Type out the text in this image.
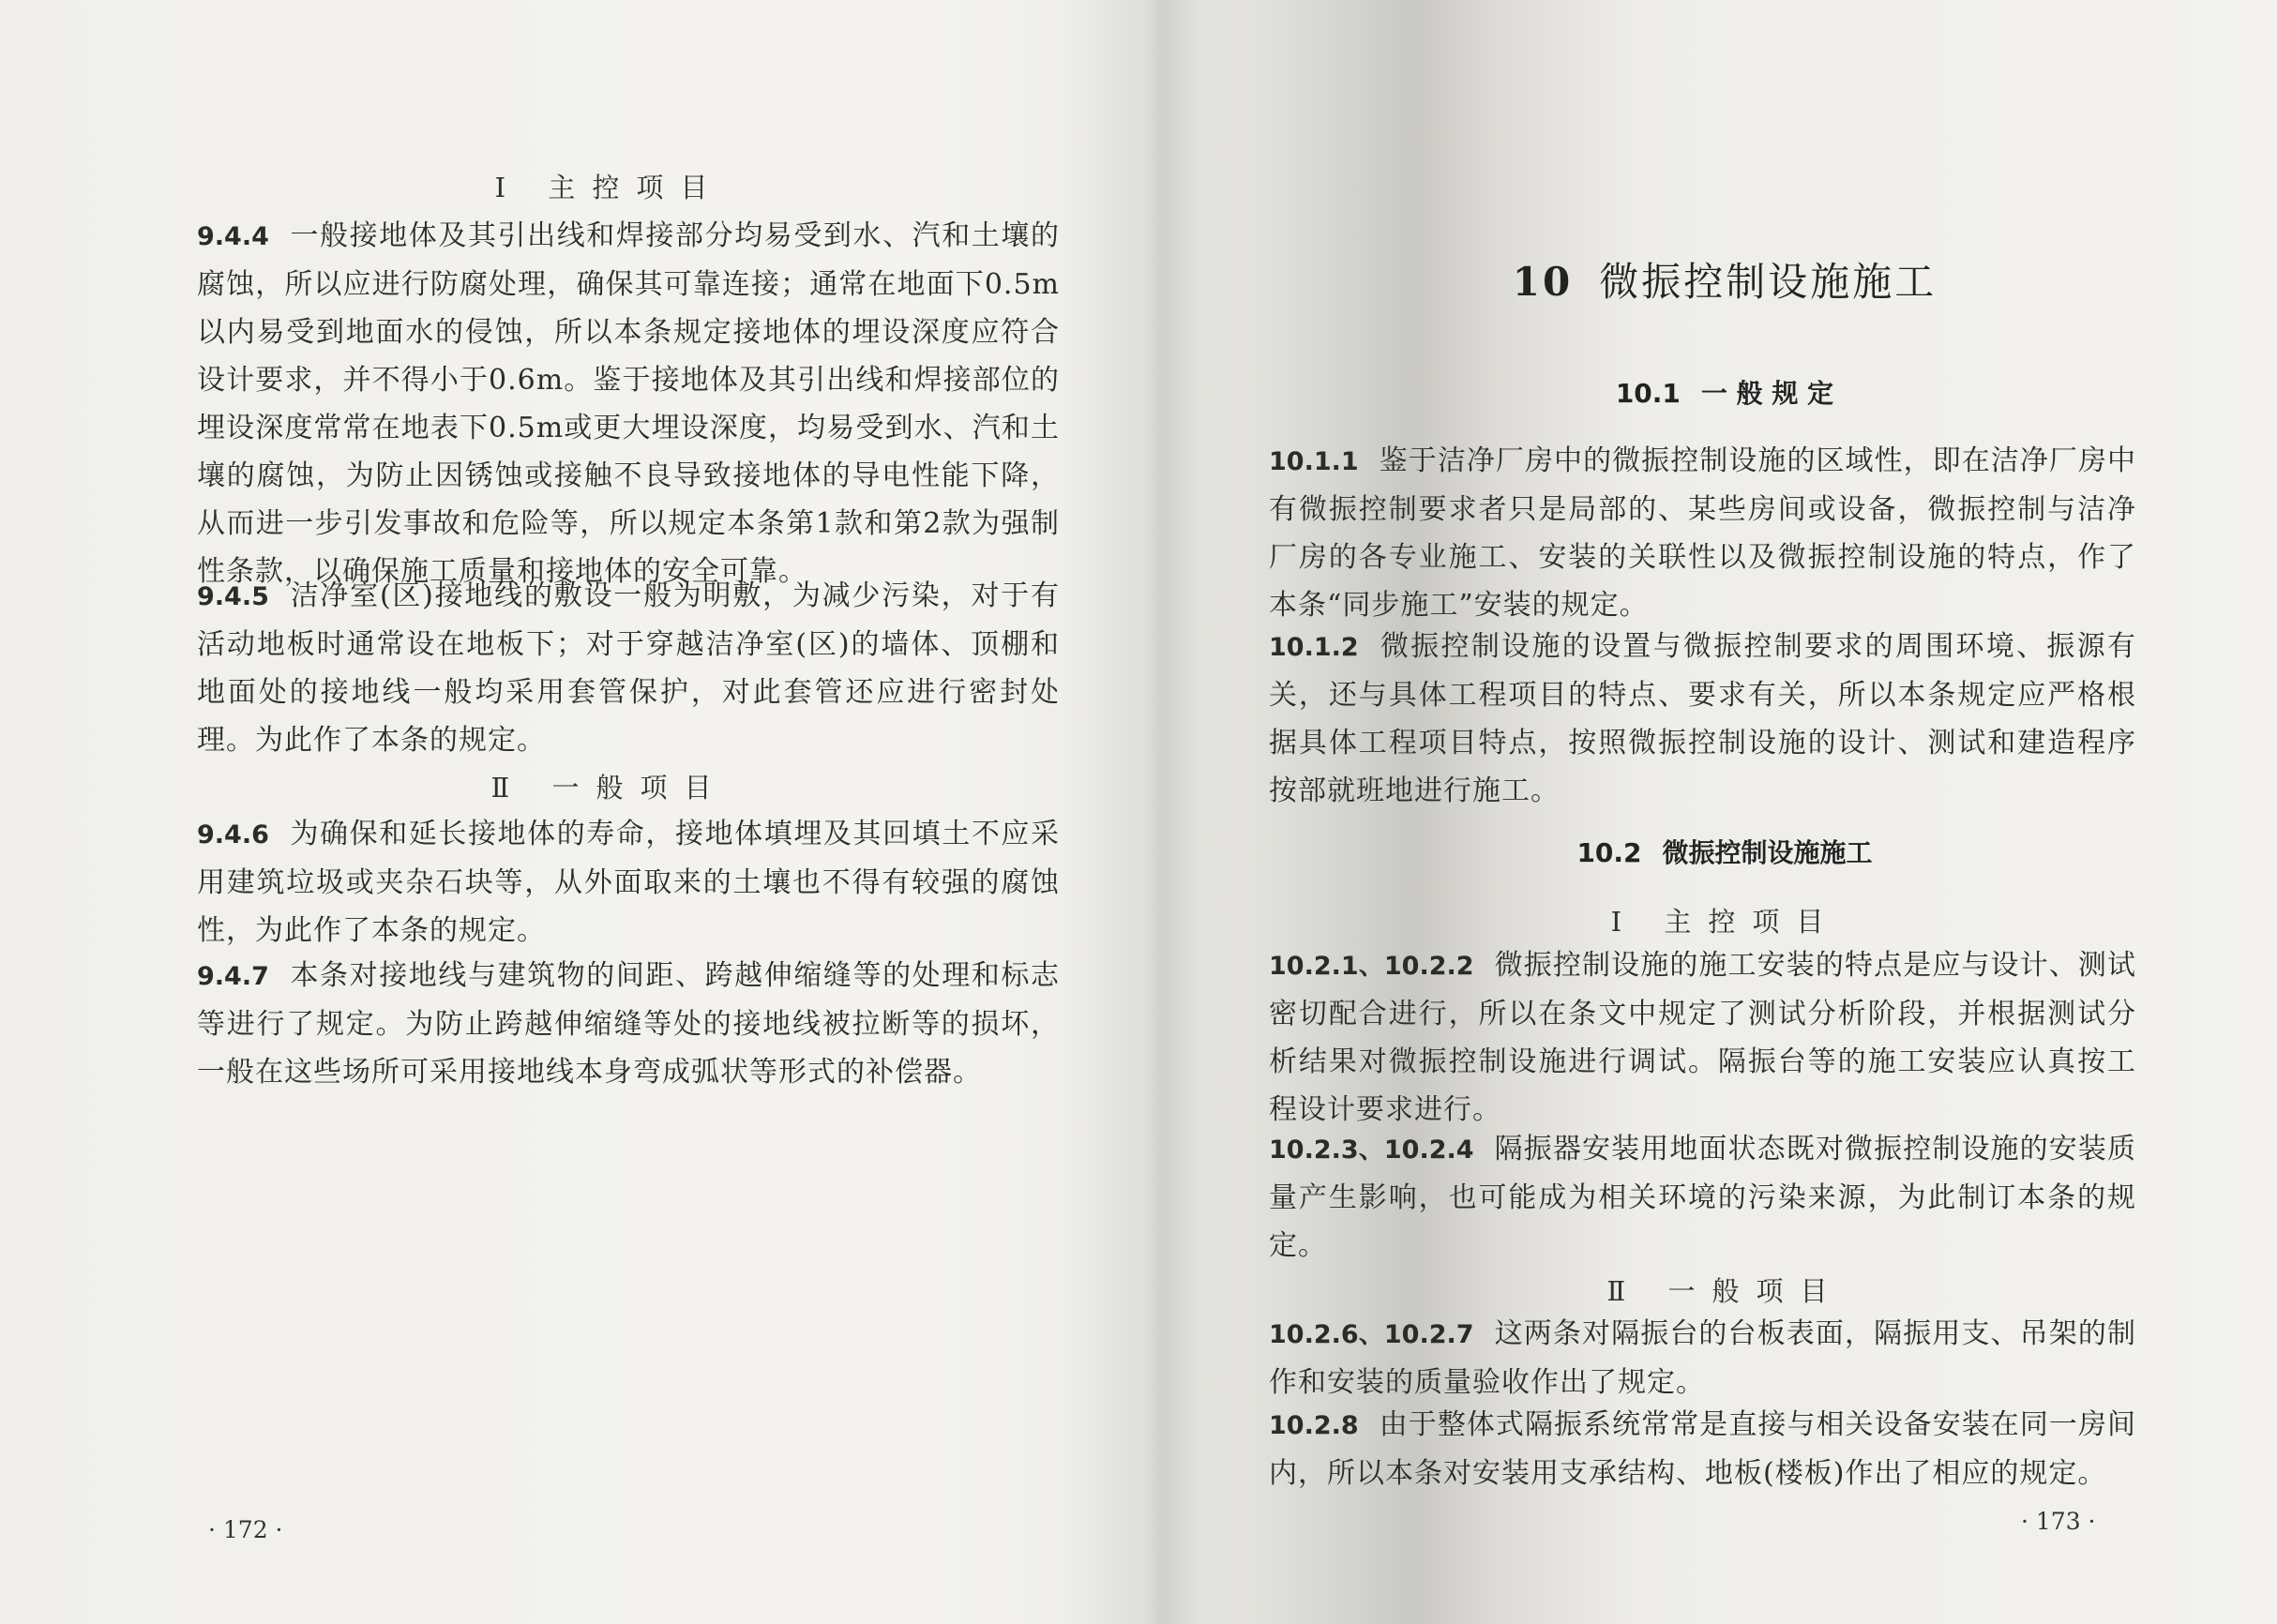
Ⅰ 主控项目
9.4.4 一般接地体及其引出线和焊接部分均易受到水、汽和土壤的腐蚀，所以应进行防腐处理，确保其可靠连接；通常在地面下0.5m以内易受到地面水的侵蚀，所以本条规定接地体的埋设深度应符合设计要求，并不得小于0.6m。鉴于接地体及其引出线和焊接部位的埋设深度常常在地表下0.5m或更大埋设深度，均易受到水、汽和土壤的腐蚀，为防止因锈蚀或接触不良导致接地体的导电性能下降，从而进一步引发事故和危险等，所以规定本条第1款和第2款为强制性条款，以确保施工质量和接地体的安全可靠。
9.4.5 洁净室(区)接地线的敷设一般为明敷，为减少污染，对于有活动地板时通常设在地板下；对于穿越洁净室(区)的墙体、顶棚和地面处的接地线一般均采用套管保护，对此套管还应进行密封处理。为此作了本条的规定。
Ⅱ 一般项目
9.4.6 为确保和延长接地体的寿命，接地体填埋及其回填土不应采用建筑垃圾或夹杂石块等，从外面取来的土壤也不得有较强的腐蚀性，为此作了本条的规定。
9.4.7 本条对接地线与建筑物的间距、跨越伸缩缝等的处理和标志等进行了规定。为防止跨越伸缩缝等处的接地线被拉断等的损坏，一般在这些场所可采用接地线本身弯成弧状等形式的补偿器。
· 172 ·
10 微振控制设施施工
10.1 一 般 规 定
10.1.1 鉴于洁净厂房中的微振控制设施的区域性，即在洁净厂房中有微振控制要求者只是局部的、某些房间或设备，微振控制与洁净厂房的各专业施工、安装的关联性以及微振控制设施的特点，作了本条“同步施工”安装的规定。
10.1.2 微振控制设施的设置与微振控制要求的周围环境、振源有关，还与具体工程项目的特点、要求有关，所以本条规定应严格根据具体工程项目特点，按照微振控制设施的设计、测试和建造程序按部就班地进行施工。
10.2 微振控制设施施工
Ⅰ 主控项目
10.2.1、10.2.2 微振控制设施的施工安装的特点是应与设计、测试密切配合进行，所以在条文中规定了测试分析阶段，并根据测试分析结果对微振控制设施进行调试。隔振台等的施工安装应认真按工程设计要求进行。
10.2.3、10.2.4 隔振器安装用地面状态既对微振控制设施的安装质量产生影响，也可能成为相关环境的污染来源，为此制订本条的规定。
Ⅱ 一般项目
10.2.6、10.2.7 这两条对隔振台的台板表面，隔振用支、吊架的制作和安装的质量验收作出了规定。
10.2.8 由于整体式隔振系统常常是直接与相关设备安装在同一房间内，所以本条对安装用支承结构、地板(楼板)作出了相应的规定。
· 173 ·
